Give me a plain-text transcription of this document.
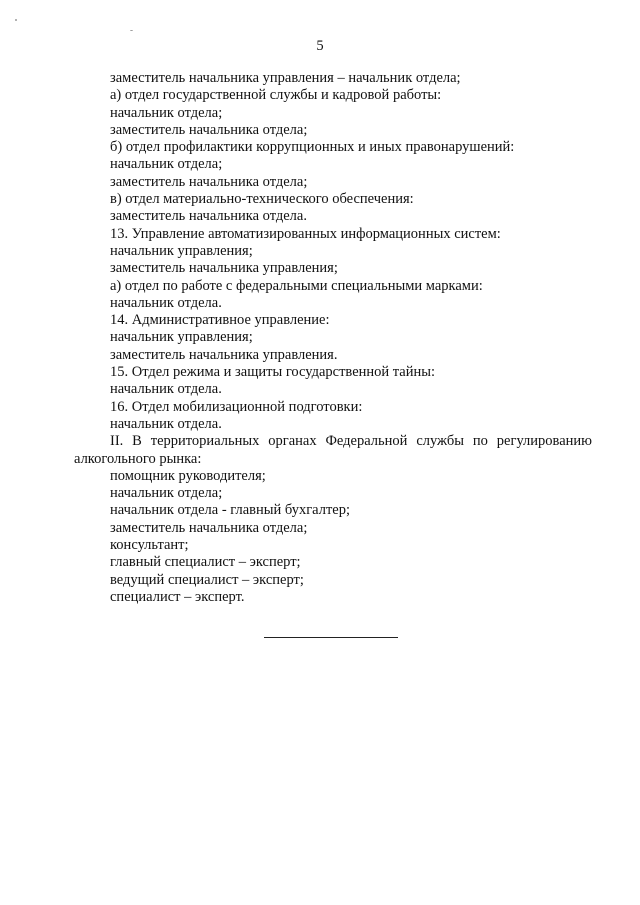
5
заместитель начальника управления – начальник отдела;
а) отдел государственной службы и кадровой работы:
начальник отдела;
заместитель начальника отдела;
б) отдел профилактики коррупционных и иных правонарушений:
начальник отдела;
заместитель начальника отдела;
в) отдел материально-технического обеспечения:
заместитель начальника отдела.
13. Управление автоматизированных информационных систем:
начальник управления;
заместитель начальника управления;
а) отдел по работе с федеральными специальными марками:
начальник отдела.
14. Административное управление:
начальник управления;
заместитель начальника управления.
15. Отдел режима и защиты государственной тайны:
начальник отдела.
16. Отдел мобилизационной подготовки:
начальник отдела.
II. В территориальных органах Федеральной службы по регулированию алкогольного рынка:
помощник руководителя;
начальник отдела;
начальник отдела - главный бухгалтер;
заместитель начальника отдела;
консультант;
главный специалист – эксперт;
ведущий специалист – эксперт;
специалист – эксперт.
